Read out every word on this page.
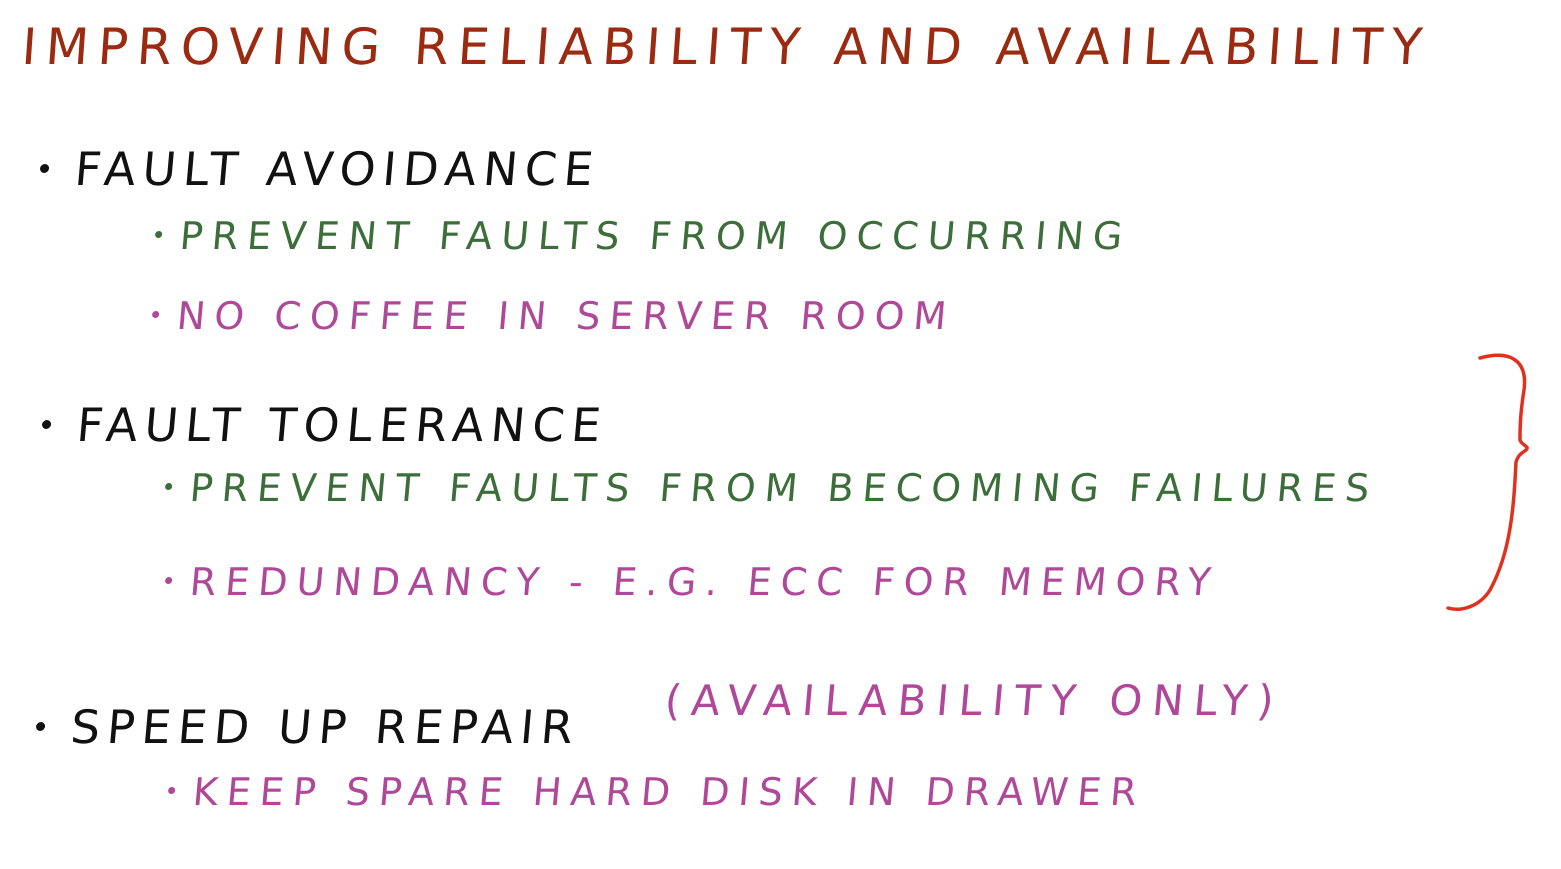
IMPROVING RELIABILITY AND AVAILABILITY
FAULT AVOIDANCE
PREVENT FAULTS FROM OCCURRING
NO COFFEE IN SERVER ROOM
FAULT TOLERANCE
PREVENT FAULTS FROM BECOMING FAILURES
REDUNDANCY - E.G. ECC FOR MEMORY
SPEED UP REPAIR (AVAILABILITY ONLY)
KEEP SPARE HARD DISK IN DRAWER
